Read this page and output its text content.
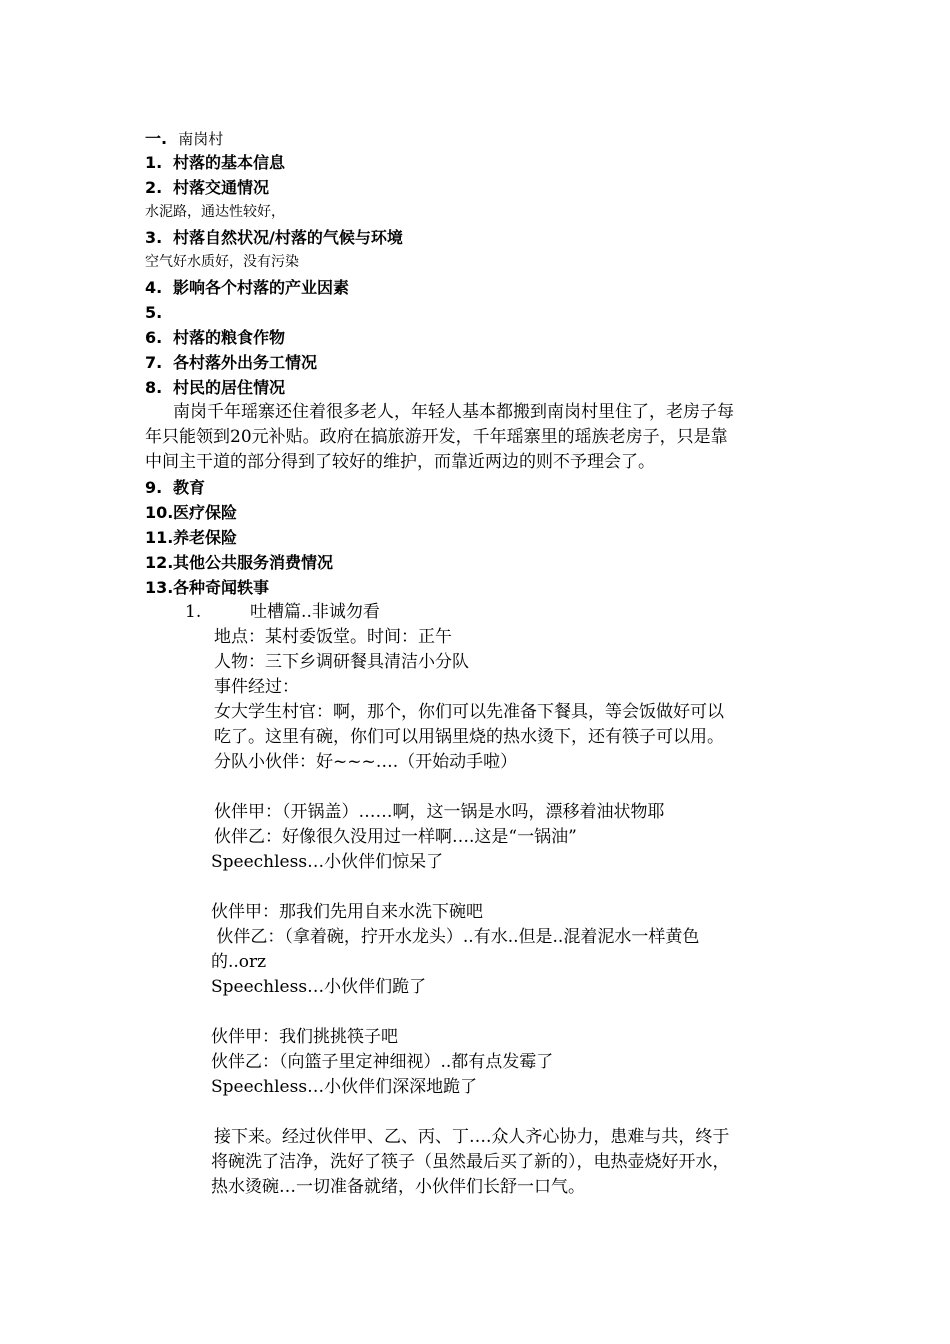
一. 南岗村
1. 村落的基本信息
2. 村落交通情况
水泥路，通达性较好，
3. 村落自然状况/村落的气候与环境
空气好水质好，没有污染
4. 影响各个村落的产业因素
5.
6. 村落的粮食作物
7. 各村落外出务工情况
8. 村民的居住情况
南岗千年瑶寨还住着很多老人，年轻人基本都搬到南岗村里住了，老房子每
年只能领到20元补贴。政府在搞旅游开发，千年瑶寨里的瑶族老房子，只是靠
中间主干道的部分得到了较好的维护，而靠近两边的则不予理会了。
9. 教育
10.医疗保险
11.养老保险
12.其他公共服务消费情况
13.各种奇闻轶事
1.	吐槽篇..非诚勿看
地点：某村委饭堂。时间：正午
人物：三下乡调研餐具清洁小分队
事件经过：
女大学生村官：啊，那个，你们可以先准备下餐具，等会饭做好可以
吃了。这里有碗，你们可以用锅里烧的热水烫下，还有筷子可以用。
分队小伙伴：好~~~….（开始动手啦）
伙伴甲：（开锅盖）……啊，这一锅是水吗，漂移着油状物耶
伙伴乙：好像很久没用过一样啊….这是“一锅油”
Speechless…小伙伴们惊呆了
伙伴甲：那我们先用自来水洗下碗吧
伙伴乙：（拿着碗，拧开水龙头）..有水..但是..混着泥水一样黄色
的..orz
Speechless…小伙伴们跪了
伙伴甲：我们挑挑筷子吧
伙伴乙：（向篮子里定神细视）..都有点发霉了
Speechless…小伙伴们深深地跪了
接下来。经过伙伴甲、乙、丙、丁….众人齐心协力，患难与共，终于
将碗洗了洁净，洗好了筷子（虽然最后买了新的），电热壶烧好开水，
热水烫碗…一切准备就绪，小伙伴们长舒一口气。
